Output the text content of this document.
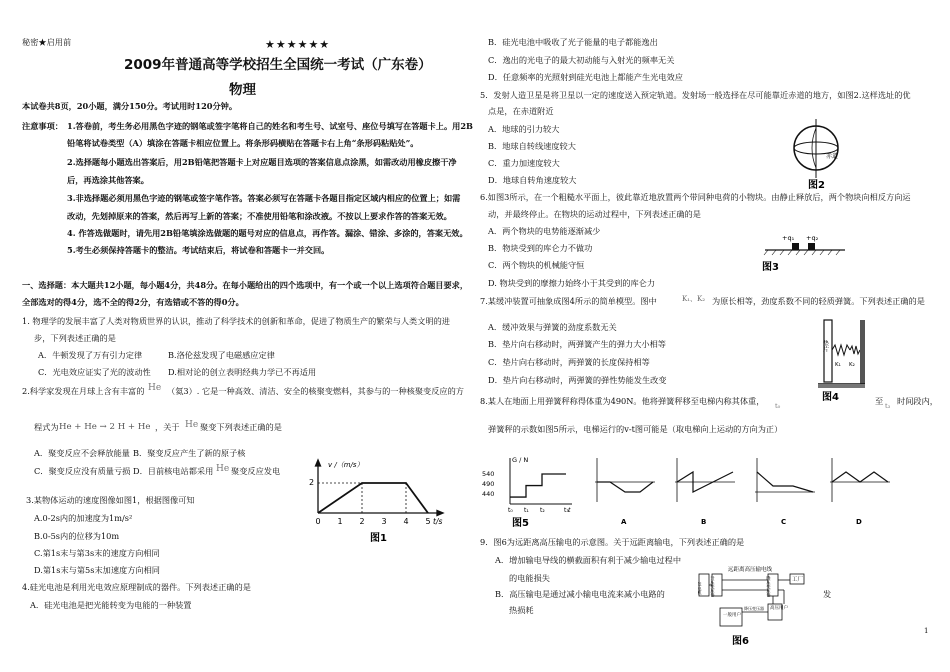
秘密★启用前	★★★★★★
2009年普通高等学校招生全国统一考试（广东卷）
物理
本试卷共8页，20小题，满分150分。考试用时120分钟。
注意事项： 1.答卷前，考生务必用黑色字迹的钢笔或签字笔将自己的姓名和考生号、试室号、座位号填写在答题卡上。用2B
铅笔将试卷类型（A）填涂在答题卡相应位置上。将条形码横贴在答题卡右上角“条形码粘贴处”。
2.选择题每小题选出答案后，用2B铅笔把答题卡上对应题目选项的答案信息点涂黑，如需改动用橡皮擦干净
后，再选涂其他答案。
3.非选择题必须用黑色字迹的钢笔或签字笔作答。答案必须写在答题卡各题目指定区域内相应的位置上；如需
改动，先划掉原来的答案，然后再写上新的答案；不准使用铅笔和涂改液。不按以上要求作答的答案无效。
4. 作答选做题时，请先用2B铅笔填涂选做题的题号对应的信息点，再作答。漏涂、错涂、多涂的，答案无效。
5.考生必须保持答题卡的整洁。考试结束后，将试卷和答题卡一并交回。
一、选择题：本大题共12小题，每小题4分，共48分。在每小题给出的四个选项中，有一个或一个以上选项符合题目要求，
全部选对的得4分，选不全的得2分，有选错或不答的得0分。
1. 物理学的发展丰富了人类对物质世界的认识，推动了科学技术的创新和革命，促进了物质生产的繁荣与人类文明的进
步，下列表述正确的是
A．牛顿发现了万有引力定律	B.洛伦兹发现了电磁感应定律
C．光电效应证实了光的波动性 D.相对论的创立表明经典力学已不再适用
2.科学家发现在月球上含有丰富的 He （氦3）. 它是一种高效、清洁、安全的核聚变燃料，其参与的一种核聚变反应的方
程式为 He + He → 2 H + He ，关于 He 聚变下列表述正确的是
A．聚变反应不会释放能量 B．聚变反应产生了新的原子核
C．聚变反应没有质量亏损 D．目前核电站都采用 He 聚变反应发电
3.某物体运动的速度图像如图1，根据图像可知
A.0-2s内的加速度为1m/s²
B.0-5s内的位移为10m
C.第1s末与第3s末的速度方向相同
D.第1s末与第5s末加速度方向相同
4.硅光电池是利用光电效应原理制成的器件。下列表述正确的是
A．硅光电池是把光能转变为电能的一种装置
v /（m/s）
t/s
2
0 1 2 3 4 5
图1
B．硅光电池中吸收了光子能量的电子都能逸出
C．逸出的光电子的最大初动能与入射光的频率无关
D．任意频率的光照射到硅光电池上都能产生光电效应
5．发射人造卫星是将卫星以一定的速度送入预定轨道。发射场一般选择在尽可能靠近赤道的地方，如图2.这样选址的优
点是，在赤道附近
A．地球的引力较大
B．地球自转线速度较大
C．重力加速度较大
D．地球自转角速度较大
赤道
图2
6.如图3所示，在一个粗糙水平面上，彼此靠近地放置两个带同种电荷的小物块。由静止释放后，两个物块向相反方向运
动，并最终停止。在物块的运动过程中，下列表述正确的是
A．两个物块的电势能逐渐减少
B．物块受到的库仑力不做功
C．两个物块的机械能守恒
D. 物块受到的摩擦力始终小于其受到的库仑力
+q₁ +q₂
图3
7.某缓冲装置可抽象成图4所示的简单模型。图中	K₁、K₂ 为原长相等，劲度系数不同的轻质弹簧。下列表述正确的是
A．缓冲效果与弹簧的劲度系数无关
B．垫片向右移动时，两弹簧产生的弹力大小相等
C．垫片向右移动时，两弹簧的长度保持相等
D．垫片向右移动时，两弹簧的弹性势能发生改变
垫片
K₁ K₂
图4
8.某人在地面上用弹簧秤称得体重为490N。他将弹簧秤移至电梯内称其体重， t₀	至 t₃ 时间段内，
弹簧秤的示数如图5所示，电梯运行的v-t图可能是（取电梯向上运动的方向为正）
G / N
540
490
440
t₀ t₁ t₂	t₃ t
图5	A	B	C	D
9．图6为远距离高压输电的示意图。关于远距离输电，下列表述正确的是
A．增加输电导线的横截面积有利于减少输电过程中
的电能损失
B．高压输电是通过减小输电电流来减小电路的	发
热损耗
发电机 升压变压器
远距离高压输电线
降压变压器	工厂
一般用户
高压用户
降压变压器
图6
1
